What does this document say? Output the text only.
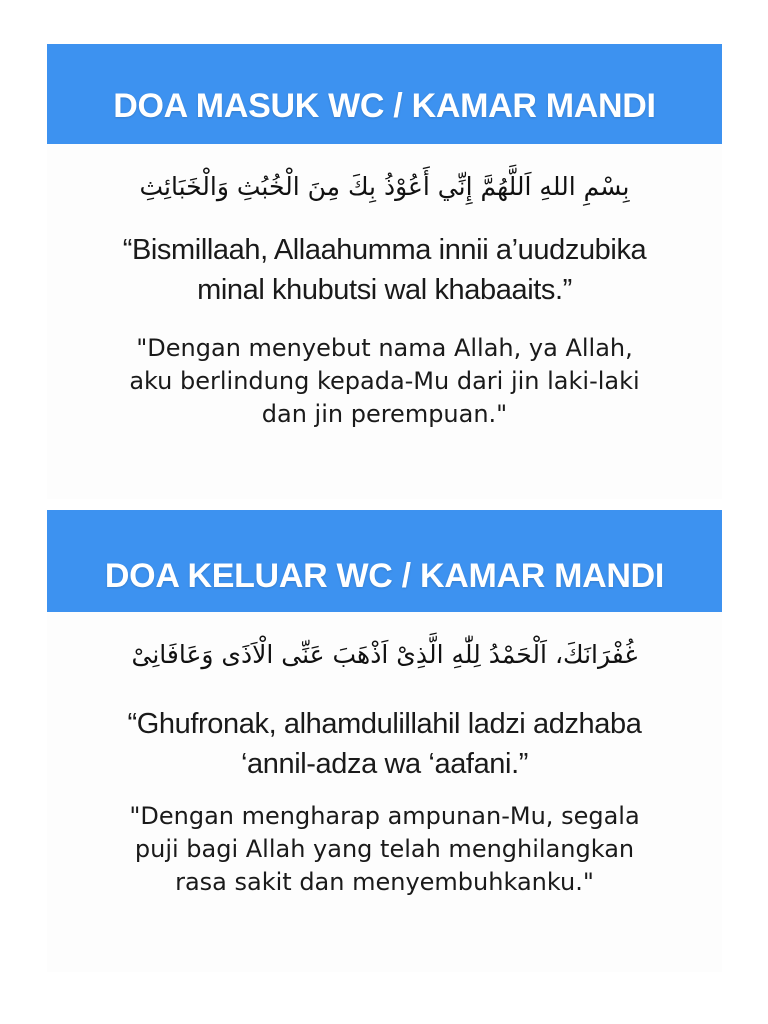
DOA MASUK WC / KAMAR MANDI

بِسْمِ اللهِ اَللَّهُمَّ إِنِّي أَعُوْذُ بِكَ مِنَ الْخُبُثِ وَالْخَبَائِثِ

“Bismillaah, Allaahumma innii a’uudzubika minal khubutsi wal khabaaits.”

"Dengan menyebut nama Allah, ya Allah, aku berlindung kepada-Mu dari jin laki-laki dan jin perempuan."

DOA KELUAR WC / KAMAR MANDI

غُفْرَانَكَ، اَلْحَمْدُ لِلّٰهِ الَّذِىْ اَذْهَبَ عَنِّى الْاَذَى وَعَافَانِىْ

“Ghufronak, alhamdulillahil ladzi adzhaba ‘annil-adza wa ‘aafani.”

"Dengan mengharap ampunan-Mu, segala puji bagi Allah yang telah menghilangkan rasa sakit dan menyembuhkanku."
